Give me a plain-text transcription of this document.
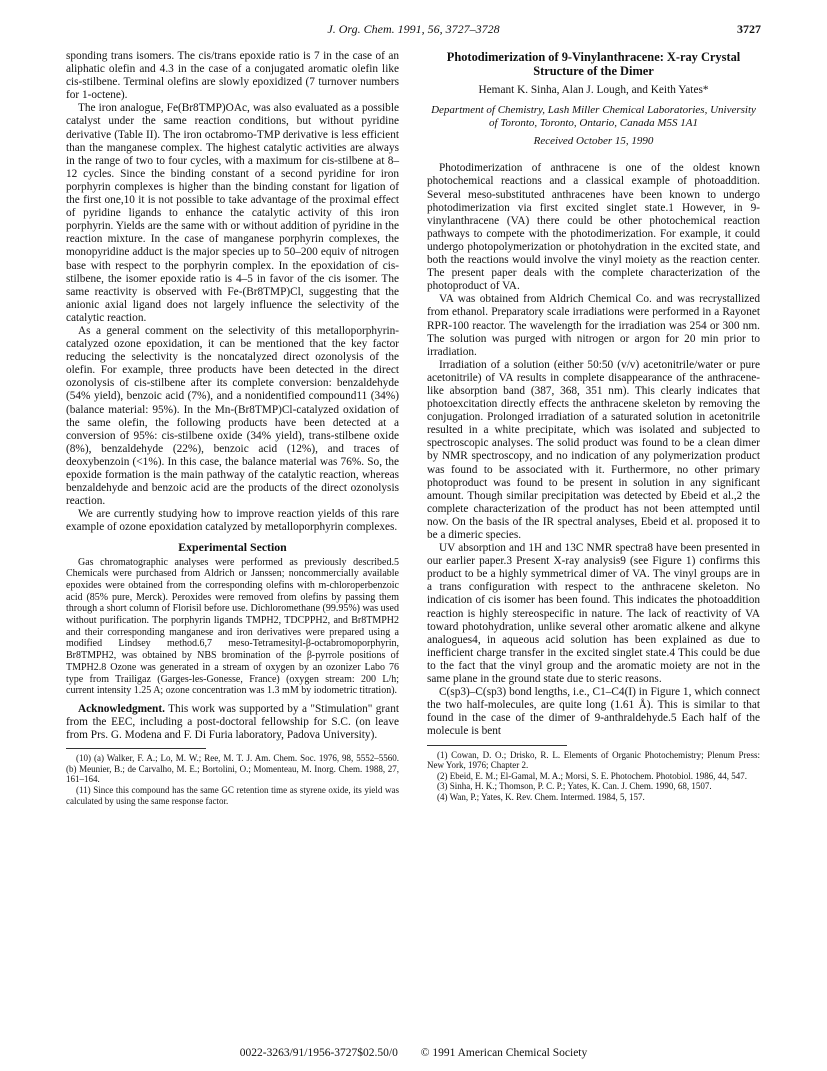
J. Org. Chem. 1991, 56, 3727–3728	3727

sponding trans isomers. The cis/trans epoxide ratio is 7 in the case of an aliphatic olefin and 4.3 in the case of a conjugated aromatic olefin like cis-stilbene. Terminal olefins are slowly epoxidized (7 turnover numbers for 1-octene).

The iron analogue, Fe(Br8TMP)OAc, was also evaluated as a possible catalyst under the same reaction conditions, but without pyridine derivative (Table II). The iron octabromo-TMP derivative is less efficient than the manganese complex. The highest catalytic activities are always in the range of two to four cycles, with a maximum for cis-stilbene at 8–12 cycles. Since the binding constant of a second pyridine for iron porphyrin complexes is higher than the binding constant for ligation of the first one,10 it is not possible to take advantage of the proximal effect of pyridine ligands to enhance the catalytic activity of this iron porphyrin. Yields are the same with or without addition of pyridine in the reaction mixture. In the case of manganese porphyrin complexes, the monopyridine adduct is the major species up to 50–200 equiv of nitrogen base with respect to the porphyrin complex. In the epoxidation of cis-stilbene, the isomer epoxide ratio is 4–5 in favor of the cis isomer. The same reactivity is observed with Fe-(Br8TMP)Cl, suggesting that the anionic axial ligand does not largely influence the selectivity of the catalytic reaction.

As a general comment on the selectivity of this metalloporphyrin-catalyzed ozone epoxidation, it can be mentioned that the key factor reducing the selectivity is the noncatalyzed direct ozonolysis of the olefin. For example, three products have been detected in the direct ozonolysis of cis-stilbene after its complete conversion: benzaldehyde (54% yield), benzoic acid (7%), and a nonidentified compound11 (34%) (balance material: 95%). In the Mn-(Br8TMP)Cl-catalyzed oxidation of the same olefin, the following products have been detected at a conversion of 95%: cis-stilbene oxide (34% yield), trans-stilbene oxide (8%), benzaldehyde (22%), benzoic acid (12%), and traces of deoxybenzoin (<1%). In this case, the balance material was 76%. So, the epoxide formation is the main pathway of the catalytic reaction, whereas benzaldehyde and benzoic acid are the products of the direct ozonolysis reaction.

We are currently studying how to improve reaction yields of this rare example of ozone epoxidation catalyzed by metalloporphyrin complexes.

Experimental Section

Gas chromatographic analyses were performed as previously described.5 Chemicals were purchased from Aldrich or Janssen; noncommercially available epoxides were obtained from the corresponding olefins with m-chloroperbenzoic acid (85% pure, Merck). Peroxides were removed from olefins by passing them through a short column of Florisil before use. Dichloromethane (99.95%) was used without purification. The porphyrin ligands TMPH2, TDCPPH2, and Br8TMPH2 and their corresponding manganese and iron derivatives were prepared using a modified Lindsey method.6,7 meso-Tetramesityl-β-octabromoporphyrin, Br8TMPH2, was obtained by NBS bromination of the β-pyrrole positions of TMPH2.8 Ozone was generated in a stream of oxygen by an ozonizer Labo 76 type from Trailigaz (Garges-les-Gonesse, France) (oxygen stream: 200 L/h; current intensity 1.25 A; ozone concentration was 1.3 mM by iodometric titration).

Acknowledgment. This work was supported by a "Stimulation" grant from the EEC, including a post-doctoral fellowship for S.C. (on leave from Prs. G. Modena and F. Di Furia laboratory, Padova University).

(10) (a) Walker, F. A.; Lo, M. W.; Ree, M. T. J. Am. Chem. Soc. 1976, 98, 5552–5560. (b) Meunier, B.; de Carvalho, M. E.; Bortolini, O.; Momenteau, M. Inorg. Chem. 1988, 27, 161–164.

(11) Since this compound has the same GC retention time as styrene oxide, its yield was calculated by using the same response factor.

Photodimerization of 9-Vinylanthracene: X-ray Crystal Structure of the Dimer
Hemant K. Sinha, Alan J. Lough, and Keith Yates*
Department of Chemistry, Lash Miller Chemical Laboratories, University of Toronto, Toronto, Ontario, Canada M5S 1A1
Received October 15, 1990

Photodimerization of anthracene is one of the oldest known photochemical reactions and a classical example of photoaddition. Several meso-substituted anthracenes have been known to undergo photodimerization via first excited singlet state.1 However, in 9-vinylanthracene (VA) there could be other photochemical reaction pathways to compete with the photodimerization. For example, it could undergo photopolymerization or photohydration in the excited state, and both the reactions would involve the vinyl moiety as the reaction center. The present paper deals with the complete characterization of the photoproduct of VA.

VA was obtained from Aldrich Chemical Co. and was recrystallized from ethanol. Preparatory scale irradiations were performed in a Rayonet RPR-100 reactor. The wavelength for the irradiation was 254 or 300 nm. The solution was purged with nitrogen or argon for 20 min prior to irradiation.

Irradiation of a solution (either 50:50 (v/v) acetonitrile/water or pure acetonitrile) of VA results in complete disappearance of the anthracene-like absorption band (387, 368, 351 nm). This clearly indicates that photoexcitation directly effects the anthracene skeleton by removing the conjugation. Prolonged irradiation of a saturated solution in acetonitrile resulted in a white precipitate, which was isolated and subjected to spectroscopic analyses. The solid product was found to be a clean dimer by NMR spectroscopy, and no indication of any polymerization product was found to be associated with it. Furthermore, no other primary photoproduct was found to be present in solution in any significant amount. Though similar precipitation was detected by Ebeid et al.,2 the complete characterization of the product has not been attempted until now. On the basis of the IR spectral analyses, Ebeid et al. proposed it to be a dimeric species.

UV absorption and 1H and 13C NMR spectra8 have been presented in our earlier paper.3 Present X-ray analysis9 (see Figure 1) confirms this product to be a highly symmetrical dimer of VA. The vinyl groups are in a trans configuration with respect to the anthracene skeleton. No indication of cis isomer has been found. This indicates the photoaddition reaction is highly stereospecific in nature. The lack of reactivity of VA toward photohydration, unlike several other aromatic alkene and alkyne analogues4, in aqueous acid solution has been explained as due to inefficient charge transfer in the excited singlet state.4 This could be due to the fact that the vinyl group and the aromatic moiety are not in the same plane in the ground state due to steric reasons.

C(sp3)–C(sp3) bond lengths, i.e., C1–C4(I) in Figure 1, which connect the two half-molecules, are quite long (1.61 Å). This is similar to that found in the case of the dimer of 9-anthraldehyde.5 Each half of the molecule is bent

(1) Cowan, D. O.; Drisko, R. L. Elements of Organic Photochemistry; Plenum Press: New York, 1976; Chapter 2.

(2) Ebeid, E. M.; El-Gamal, M. A.; Morsi, S. E. Photochem. Photobiol. 1986, 44, 547.

(3) Sinha, H. K.; Thomson, P. C. P.; Yates, K. Can. J. Chem. 1990, 68, 1507.

(4) Wan, P.; Yates, K. Rev. Chem. Intermed. 1984, 5, 157.

0022-3263/91/1956-3727$02.50/0 © 1991 American Chemical Society
